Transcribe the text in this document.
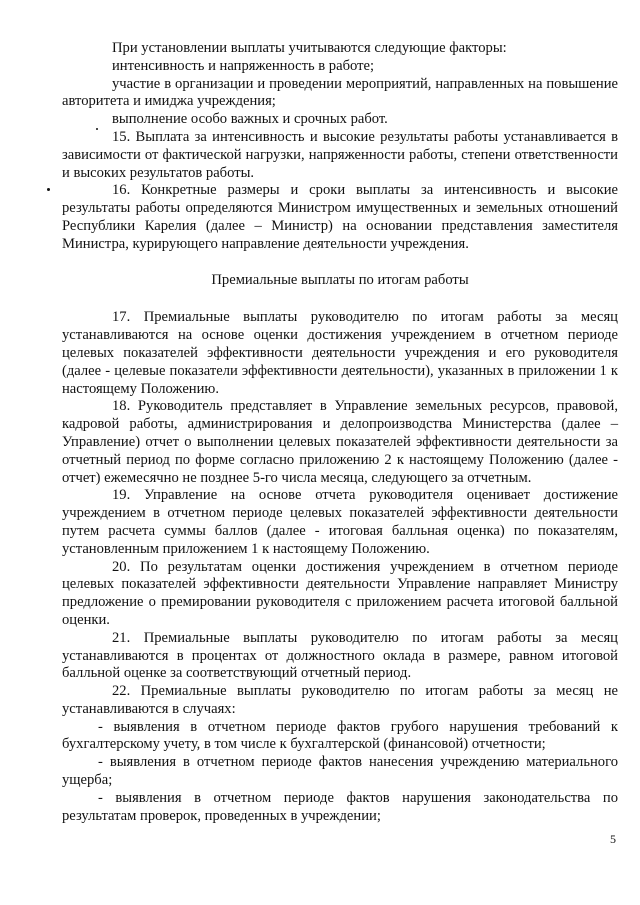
При установлении выплаты учитываются следующие факторы:

интенсивность и напряженность в работе;

участие в организации и проведении мероприятий, направленных на повышение авторитета и имиджа учреждения;

выполнение особо важных и срочных работ.

15. Выплата за интенсивность и высокие результаты работы устанавливается в зависимости от фактической нагрузки, напряженности работы, степени ответственности и высоких результатов работы.

16. Конкретные размеры и сроки выплаты за интенсивность и высокие результаты работы определяются Министром имущественных и земельных отношений Республики Карелия (далее – Министр) на основании представления заместителя Министра, курирующего направление деятельности учреждения.

Премиальные выплаты по итогам работы

17. Премиальные выплаты руководителю по итогам работы за месяц устанавливаются на основе оценки достижения учреждением в отчетном периоде целевых показателей эффективности деятельности учреждения и его руководителя (далее - целевые показатели эффективности деятельности), указанных в приложении 1 к настоящему Положению.

18. Руководитель представляет в Управление земельных ресурсов, правовой, кадровой работы, администрирования и делопроизводства Министерства (далее – Управление) отчет о выполнении целевых показателей эффективности деятельности за отчетный период по форме согласно приложению 2 к настоящему Положению (далее - отчет) ежемесячно не позднее 5-го числа месяца, следующего за отчетным.

19. Управление на основе отчета руководителя оценивает достижение учреждением в отчетном периоде целевых показателей эффективности деятельности путем расчета суммы баллов (далее - итоговая балльная оценка) по показателям, установленным приложением 1 к настоящему Положению.

20. По результатам оценки достижения учреждением в отчетном периоде целевых показателей эффективности деятельности Управление направляет Министру предложение о премировании руководителя с приложением расчета итоговой балльной оценки.

21. Премиальные выплаты руководителю по итогам работы за месяц устанавливаются в процентах от должностного оклада в размере, равном итоговой балльной оценке за соответствующий отчетный период.

22. Премиальные выплаты руководителю по итогам работы за месяц не устанавливаются в случаях:

- выявления в отчетном периоде фактов грубого нарушения требований к бухгалтерскому учету, в том числе к бухгалтерской (финансовой) отчетности;

- выявления в отчетном периоде фактов нанесения учреждению материального ущерба;

- выявления в отчетном периоде фактов нарушения законодательства по результатам проверок, проведенных в учреждении;

5
